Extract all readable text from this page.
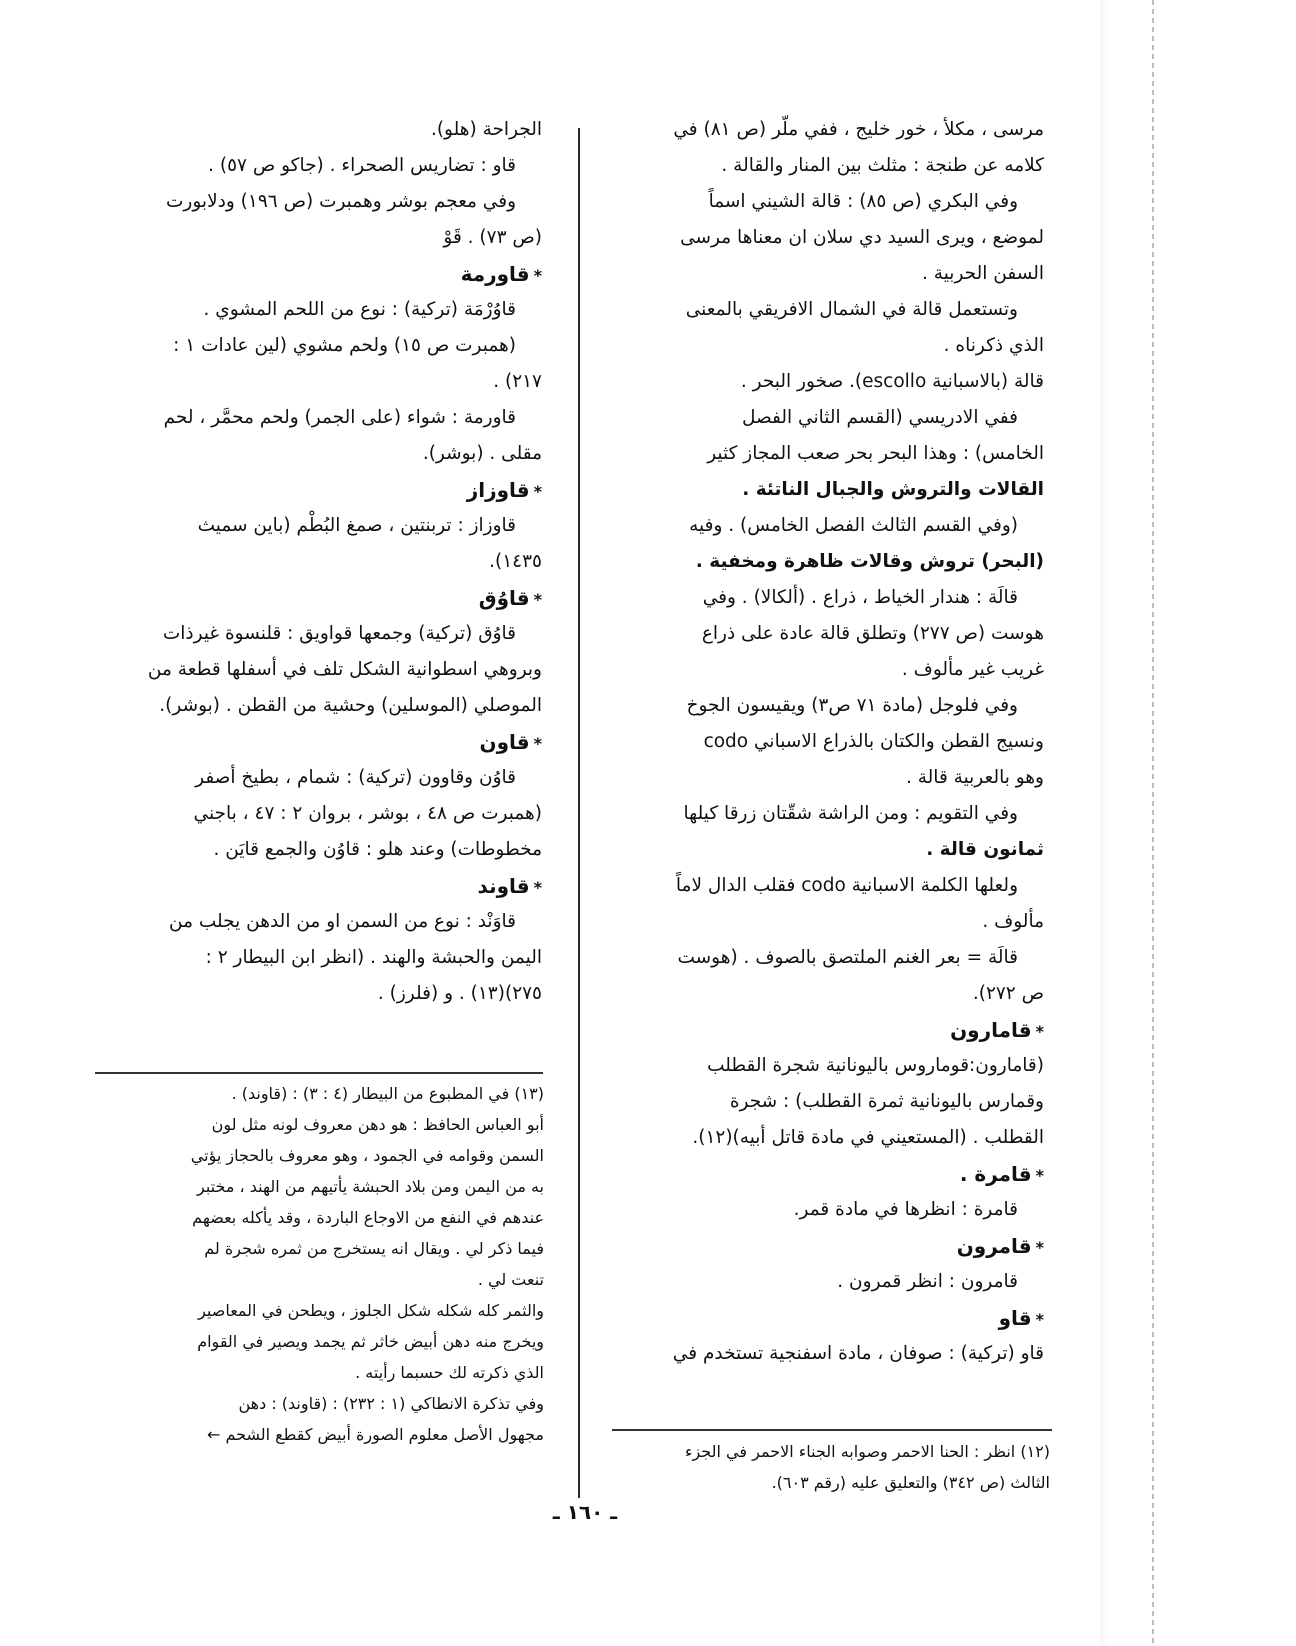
مرسى ، مكلأ ، خور خليج ، ففي ملّر (ص ٨١) في
كلامه عن طنجة : مثلث بين المنار والقالة .
وفي البكري (ص ٨٥) : قالة الشيني اسماً
لموضع ، ويرى السيد دي سلان ان معناها مرسى
السفن الحربية .
وتستعمل قالة في الشمال الافريقي بالمعنى
الذي ذكرناه .
قالة (بالاسبانية escollo). صخور البحر .
ففي الادريسي (القسم الثاني الفصل
الخامس) : وهذا البحر بحر صعب المجاز كثير
القالات والتروش والجبال الناتئة .
(وفي القسم الثالث الفصل الخامس) . وفيه
(البحر) تروش وقالات ظاهرة ومخفية .
قالَة : هندار الخياط ، ذراع . (ألكالا) . وفي
هوست (ص ٢٧٧) وتطلق قالة عادة على ذراع
غريب غير مألوف .
وفي فلوجل (مادة ٧١ ص٣) ويقيسون الجوخ
ونسيج القطن والكتان بالذراع الاسباني codo
وهو بالعربية قالة .
وفي التقويم : ومن الراشة شقّتان زرقا كيلها
ثمانون قالة .
ولعلها الكلمة الاسبانية codo فقلب الدال لاماً
مألوف .
قالَة = بعر الغنم الملتصق بالصوف . (هوست
ص ٢٧٢).
*قامارون
(قامارون:قوماروس باليونانية شجرة القطلب
وقمارس باليونانية ثمرة القطلب) : شجرة
القطلب . (المستعيني في مادة قاتل أبيه)(١٢).
*قامرة .
قامرة : انظرها في مادة قمر.
*قامرون
قامرون : انظر قمرون .
*قاو
قاو (تركية) : صوفان ، مادة اسفنجية تستخدم في
الجراحة (هلو).
قاو : تضاريس الصحراء . (جاكو ص ٥٧) .
وفي معجم بوشر وهمبرت (ص ١٩٦) ودلابورت
(ص ٧٣) . قَوْ
*قاورمة
قاوُرْمَة (تركية) : نوع من اللحم المشوي .
(همبرت ص ١٥) ولحم مشوي (لين عادات ١ :
٢١٧) .
قاورمة : شواء (على الجمر) ولحم محمَّر ، لحم
مقلى . (بوشر).
*قاوزاز
قاوزاز : تربنتين ، صمغ البُطْم (باين سميث
١٤٣٥).
*قاوُق
قاوُق (تركية) وجمعها قواويق : قلنسوة غيرذات
وبروهي اسطوانية الشكل تلف في أسفلها قطعة من
الموصلي (الموسلين) وحشية من القطن . (بوشر).
*قاون
قاوُن وقاوون (تركية) : شمام ، بطيخ أصفر
(همبرت ص ٤٨ ، بوشر ، بروان ٢ : ٤٧ ، باجني
مخطوطات) وعند هلو : قاوُن والجمع قايَن .
*قاوند
قاوَنْد : نوع من السمن او من الدهن يجلب من
اليمن والحبشة والهند . (انظر ابن البيطار ٢ :
٢٧٥)(١٣) . و (فلرز) .
(١٣) في المطبوع من البيطار (٤ : ٣) : (قاوند) .
أبو العباس الحافظ : هو دهن معروف لونه مثل لون
السمن وقوامه في الجمود ، وهو معروف بالحجاز يؤتي
به من اليمن ومن بلاد الحبشة يأتيهم من الهند ، مختبر
عندهم في النفع من الاوجاع الباردة ، وقد يأكله بعضهم
فيما ذكر لي . ويقال انه يستخرج من ثمره شجرة لم
تنعت لي .
والثمر كله شكله شكل الجلوز ، ويطحن في المعاصير
ويخرج منه دهن أبيض خاثر ثم يجمد ويصير في القوام
الذي ذكرته لك حسبما رأيته .
وفي تذكرة الانطاكي (١ : ٢٣٢) : (قاوند) : دهن
مجهول الأصل معلوم الصورة أبيض كقطع الشحم ←
(١٢) انظر : الحنا الاحمر وصوابه الجناء الاحمر في الجزء
الثالث (ص ٣٤٢) والتعليق عليه (رقم ٦٠٣).
ـ ١٦٠ ـ
